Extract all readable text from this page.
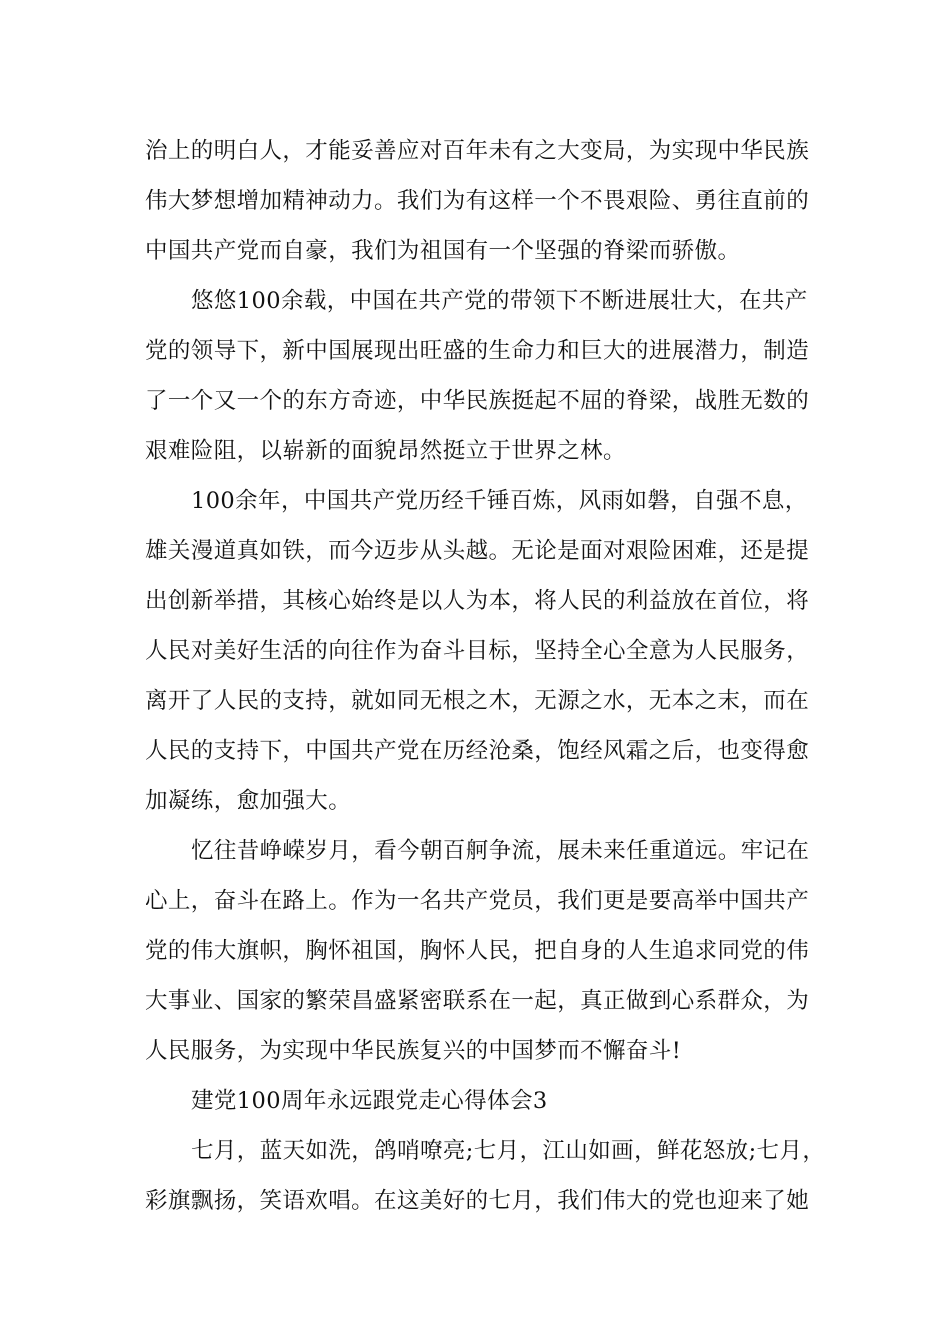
治上的明白人，才能妥善应对百年未有之大变局，为实现中华民族
伟大梦想增加精神动力。我们为有这样一个不畏艰险、勇往直前的
中国共产党而自豪，我们为祖国有一个坚强的脊梁而骄傲。
悠悠100余载，中国在共产党的带领下不断进展壮大，在共产
党的领导下，新中国展现出旺盛的生命力和巨大的进展潜力，制造
了一个又一个的东方奇迹，中华民族挺起不屈的脊梁，战胜无数的
艰难险阻，以崭新的面貌昂然挺立于世界之林。
100余年，中国共产党历经千锤百炼，风雨如磐，自强不息，
雄关漫道真如铁，而今迈步从头越。无论是面对艰险困难，还是提
出创新举措，其核心始终是以人为本，将人民的利益放在首位，将
人民对美好生活的向往作为奋斗目标，坚持全心全意为人民服务，
离开了人民的支持，就如同无根之木，无源之水，无本之末，而在
人民的支持下，中国共产党在历经沧桑，饱经风霜之后，也变得愈
加凝练，愈加强大。
忆往昔峥嵘岁月，看今朝百舸争流，展未来任重道远。牢记在
心上，奋斗在路上。作为一名共产党员，我们更是要高举中国共产
党的伟大旗帜，胸怀祖国，胸怀人民，把自身的人生追求同党的伟
大事业、国家的繁荣昌盛紧密联系在一起，真正做到心系群众，为
人民服务，为实现中华民族复兴的中国梦而不懈奋斗!
建党100周年永远跟党走心得体会3
七月，蓝天如洗，鸽哨嘹亮;七月，江山如画，鲜花怒放;七月，
彩旗飘扬，笑语欢唱。在这美好的七月，我们伟大的党也迎来了她
